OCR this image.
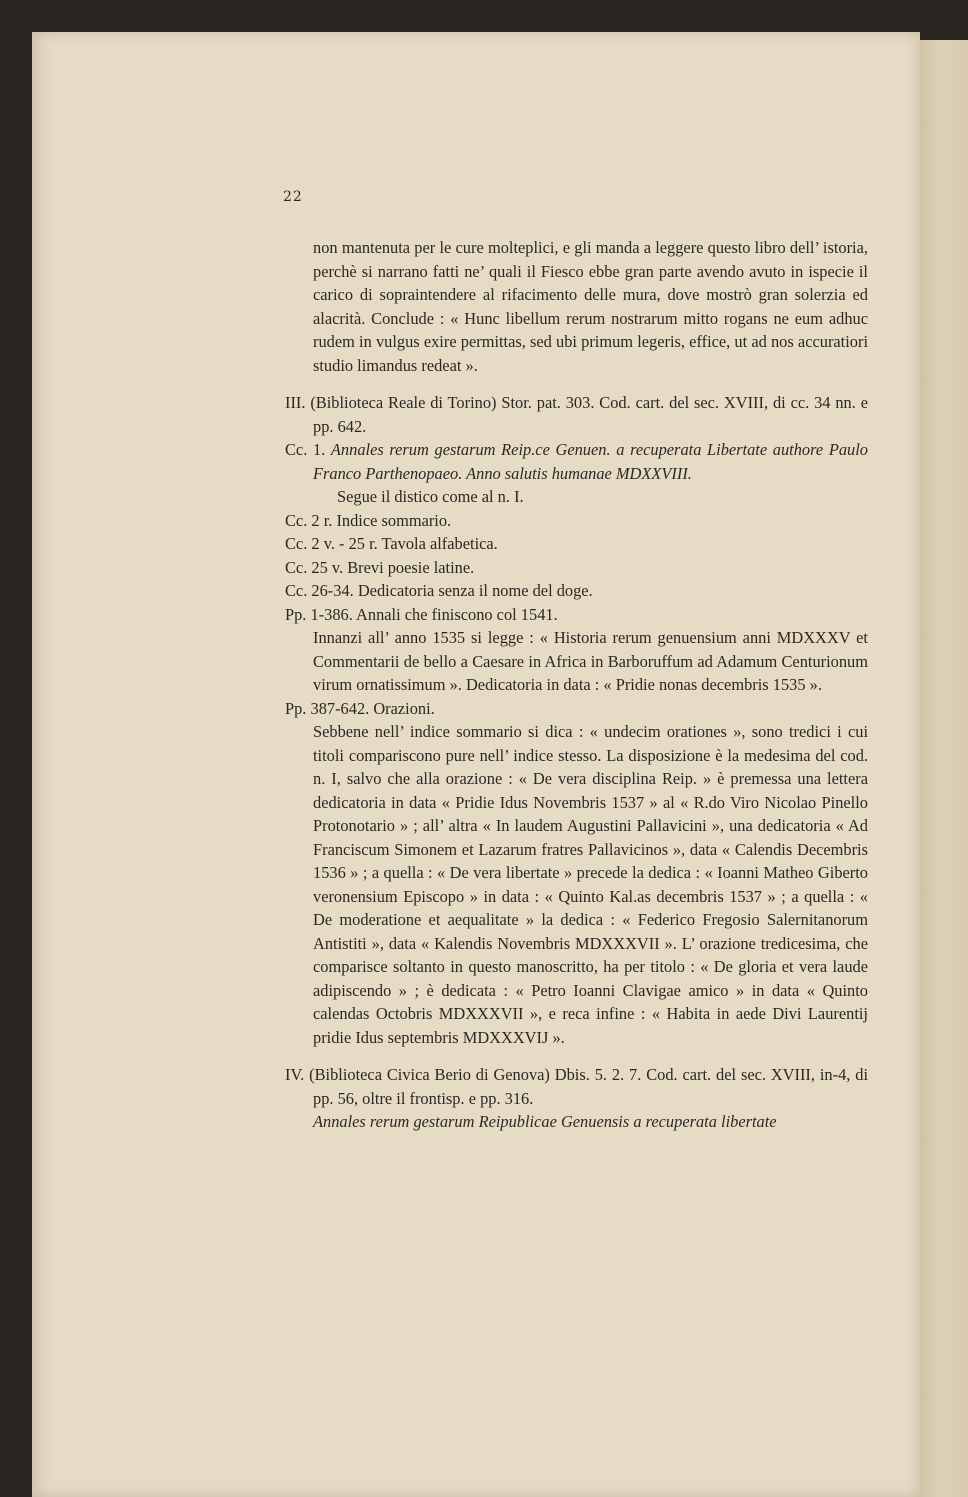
22

non mantenuta per le cure molteplici, e gli manda a leggere questo libro dell’ istoria, perchè si narrano fatti ne’ quali il Fiesco ebbe gran parte avendo avuto in ispecie il carico di sopraintendere al rifacimento delle mura, dove mostrò gran solerzia ed alacrità. Conclude : « Hunc libellum rerum nostrarum mitto rogans ne eum adhuc rudem in vulgus exire permittas, sed ubi primum legeris, effice, ut ad nos accuratiori studio limandus redeat ».

III. (Biblioteca Reale di Torino) Stor. pat. 303. Cod. cart. del sec. XVIII, di cc. 34 nn. e pp. 642.

Cc. 1. Annales rerum gestarum Reip.ce Genuen. a recuperata Libertate authore Paulo Franco Parthenopaeo. Anno salutis humanae MDXXVIII.

Segue il distico come al n. I.

Cc. 2 r. Indice sommario.

Cc. 2 v. - 25 r. Tavola alfabetica.

Cc. 25 v. Brevi poesie latine.

Cc. 26-34. Dedicatoria senza il nome del doge.

Pp. 1-386. Annali che finiscono col 1541.

Innanzi all’ anno 1535 si legge : « Historia rerum genuensium anni MDXXXV et Commentarii de bello a Caesare in Africa in Barboruffum ad Adamum Centurionum virum ornatissimum ». Dedicatoria in data : « Pridie nonas decembris 1535 ».

Pp. 387-642. Orazioni.

Sebbene nell’ indice sommario si dica : « undecim orationes », sono tredici i cui titoli compariscono pure nell’ indice stesso. La disposizione è la medesima del cod. n. I, salvo che alla orazione : « De vera disciplina Reip. » è premessa una lettera dedicatoria in data « Pridie Idus Novembris 1537 » al « R.do Viro Nicolao Pinello Protonotario » ; all’ altra « In laudem Augustini Pallavicini », una dedicatoria « Ad Franciscum Simonem et Lazarum fratres Pallavicinos », data « Calendis Decembris 1536 » ; a quella : « De vera libertate » precede la dedica : « Ioanni Matheo Giberto veronensium Episcopo » in data : « Quinto Kal.as decembris 1537 » ; a quella : « De moderatione et aequalitate » la dedica : « Federico Fregosio Salernitanorum Antistiti », data « Kalendis Novembris MDXXXVII ». L’ orazione tredicesima, che comparisce soltanto in questo manoscritto, ha per titolo : « De gloria et vera laude adipiscendo » ; è dedicata : « Petro Ioanni Clavigae amico » in data « Quinto calendas Octobris MDXXXVII », e reca infine : « Habita in aede Divi Laurentij pridie Idus septembris MDXXXVIJ ».

IV. (Biblioteca Civica Berio di Genova) Dbis. 5. 2. 7. Cod. cart. del sec. XVIII, in-4, di pp. 56, oltre il frontisp. e pp. 316.

Annales rerum gestarum Reipublicae Genuensis a recuperata libertate
